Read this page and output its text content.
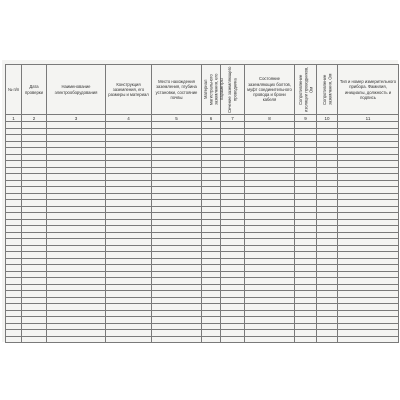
№ п/п	Дата проверки	Наименование электрооборудования	Конструкция заземления, его размеры и материал	Место нахождения заземления, глубина установки, состояние почвы	Материал магистрального заземления, его параметры	Сечение заземляющего проводника	Состояние заземляющих болтов, муфт соединительного провода и брони кабеля	Сопротивление изоляции проводников, Ом	Сопротивление заземления, Ом	Тип и номер измерительного прибора. Фамилия, инициалы, должность и подпись

1	2	3	4	5	6	7	8	9	10	11
